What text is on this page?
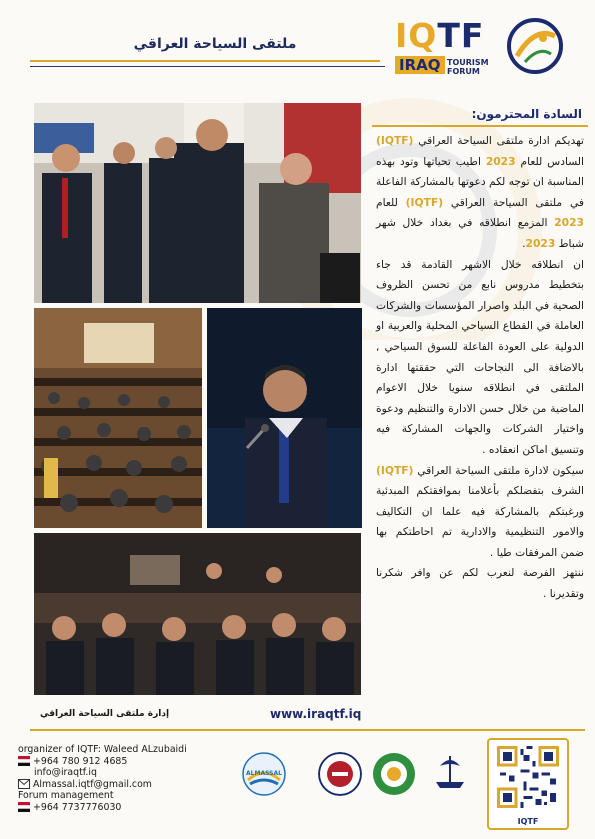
ملتقى السياحة العراقي	IQTF
IRAQ TOURISM
FORUM
السادة المحترمون:

تهديكم ادارة ملتقى السياحة العراقي (IQTF) السادس للعام 2023 اطيب تحياتها وتود بهذه المناسبة ان توجه لكم دعوتها بالمشاركة الفاعلة في ملتقى السياحة العراقي (IQTF) للعام 2023 المزمع انطلاقه في بغداد خلال شهر شباط 2023.

ان انطلاقه خلال الاشهر القادمة قد جاء بتخطيط مدروس نابع من تحسن الظروف الصحية في البلد واصرار المؤسسات والشركات العاملة في القطاع السياحي المحلية والعربية او الدولية على العودة الفاعلة للسوق السياحي , بالاضافة الى النجاحات التي حققتها ادارة الملتقى في انطلاقه سنويا خلال الاعوام الماضية من خلال حسن الادارة والتنظيم ودعوة واختيار الشركات والجهات المشاركة فيه وتنسيق اماكن انعقاده .

سيكون لادارة ملتقى السياحة العراقي (IQTF) الشرف بتفضلكم بأعلامنا بموافقتكم المبدئية ورغبتكم بالمشاركة فيه علما ان التكاليف والامور التنظيمية والادارية تم احاطتكم بها ضمن المرفقات طيا .

ننتهز الفرصة لنعرب لكم عن وافر شكرنا وتقديرنا .

www.iraqtf.iq
إدارة ملتقى السياحة العراقي
organizer of IQTF: Waleed ALzubaidi
+964 780 912 4685
info@iraqtf.iq
Almassal.iqtf@gmail.com
Forum management
+964 7737776030
ALMASSAL
IQTF
